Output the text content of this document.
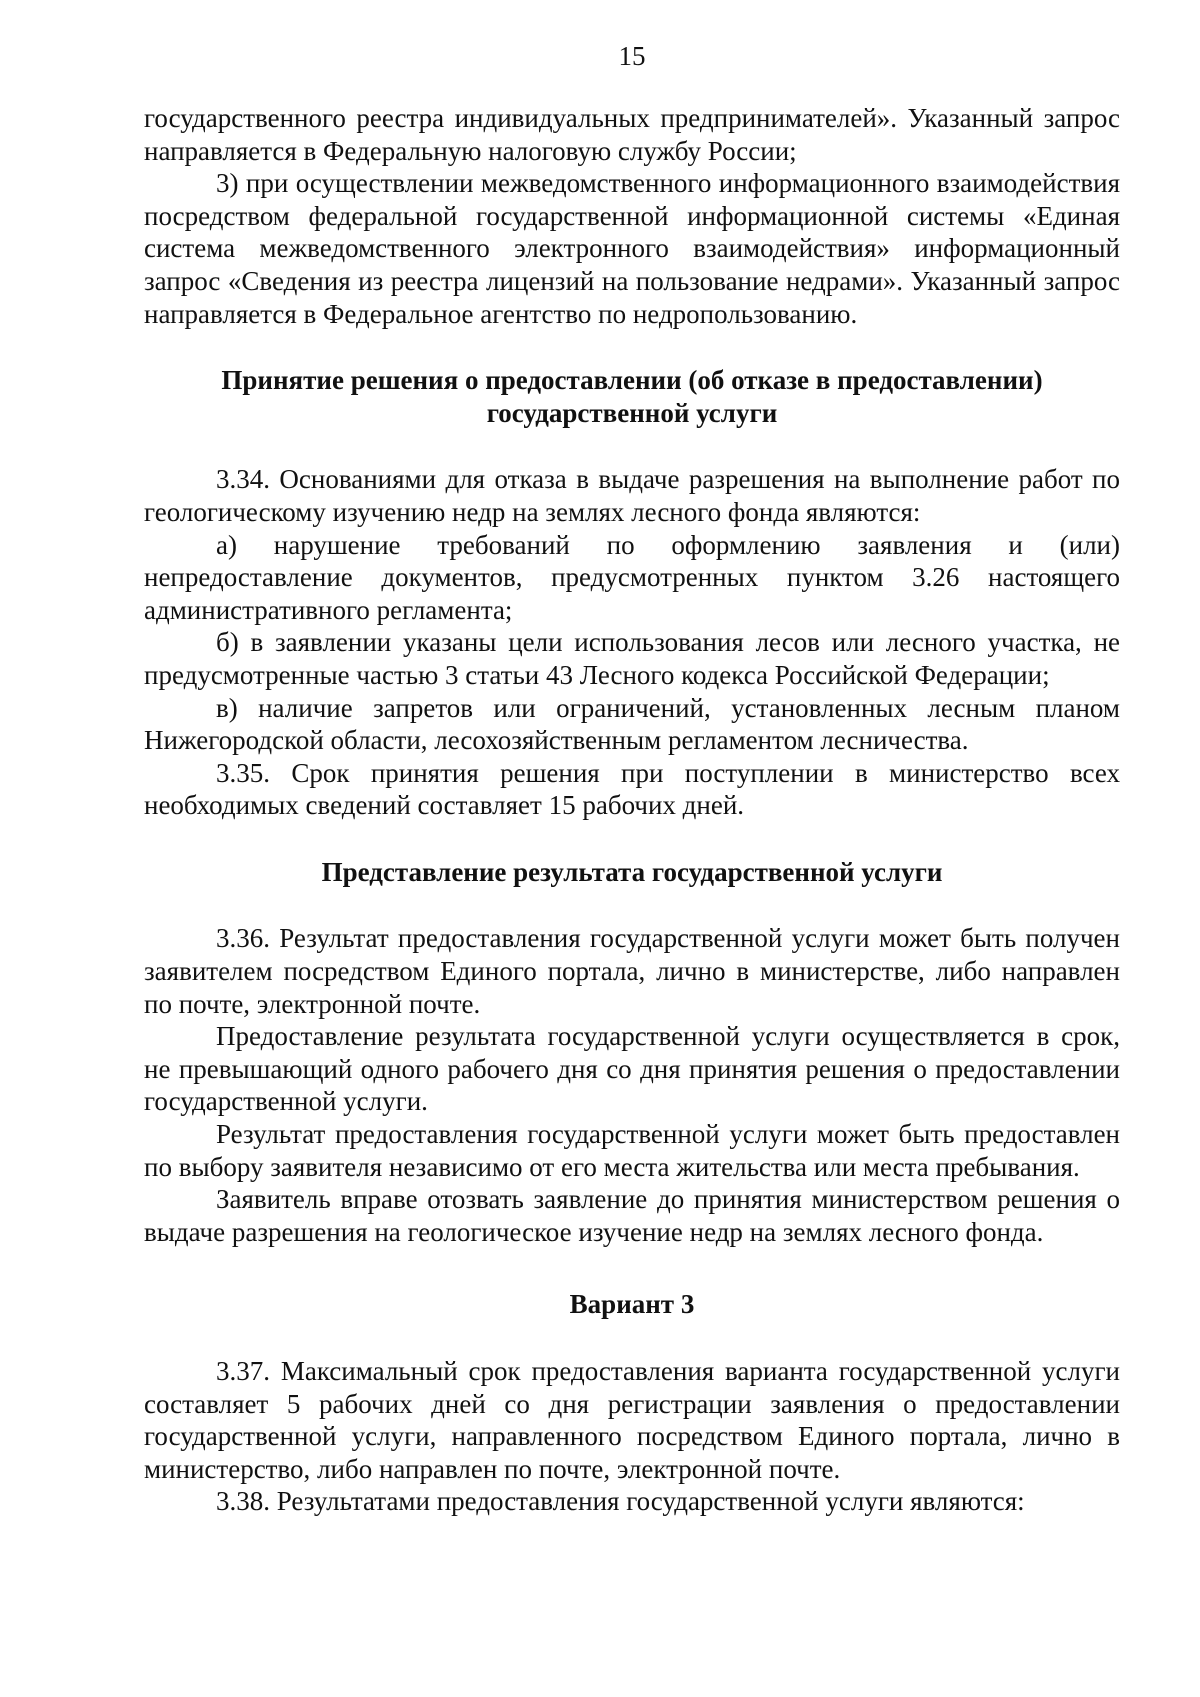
15

государственного реестра индивидуальных предпринимателей». Указанный запрос направляется в Федеральную налоговую службу России;

3) при осуществлении межведомственного информационного взаимодействия посредством федеральной государственной информационной системы «Единая система межведомственного электронного взаимодействия» информационный запрос «Сведения из реестра лицензий на пользование недрами». Указанный запрос направляется в Федеральное агентство по недропользованию.

Принятие решения о предоставлении (об отказе в предоставлении) государственной услуги

3.34. Основаниями для отказа в выдаче разрешения на выполнение работ по геологическому изучению недр на землях лесного фонда являются:

а) нарушение требований по оформлению заявления и (или) непредоставление документов, предусмотренных пунктом 3.26 настоящего административного регламента;

б) в заявлении указаны цели использования лесов или лесного участка, не предусмотренные частью 3 статьи 43 Лесного кодекса Российской Федерации;

в) наличие запретов или ограничений, установленных лесным планом Нижегородской области, лесохозяйственным регламентом лесничества.

3.35. Срок принятия решения при поступлении в министерство всех необходимых сведений составляет 15 рабочих дней.

Представление результата государственной услуги

3.36. Результат предоставления государственной услуги может быть получен заявителем посредством Единого портала, лично в министерстве, либо направлен по почте, электронной почте.

Предоставление результата государственной услуги осуществляется в срок, не превышающий одного рабочего дня со дня принятия решения о предоставлении государственной услуги.

Результат предоставления государственной услуги может быть предоставлен по выбору заявителя независимо от его места жительства или места пребывания.

Заявитель вправе отозвать заявление до принятия министерством решения о выдаче разрешения на геологическое изучение недр на землях лесного фонда.

Вариант 3

3.37. Максимальный срок предоставления варианта государственной услуги составляет 5 рабочих дней со дня регистрации заявления о предоставлении государственной услуги, направленного посредством Единого портала, лично в министерство, либо направлен по почте, электронной почте.

3.38. Результатами предоставления государственной услуги являются:
